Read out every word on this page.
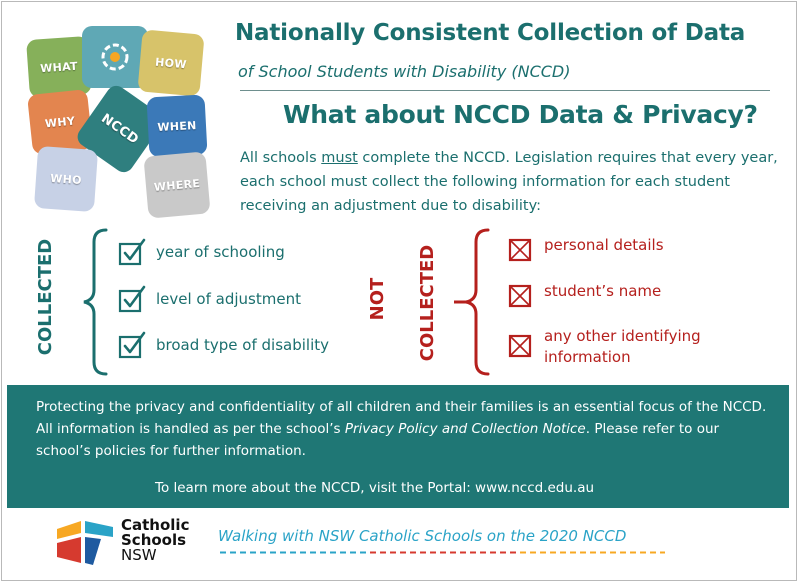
WHAT	HOW
WHY NCCD WHEN
WHO	WHERE
Nationally Consistent Collection of Data
of School Students with Disability (NCCD)
What about NCCD Data & Privacy?
All schools must complete the NCCD. Legislation requires that every year, each school must collect the following information for each student receiving an adjustment due to disability:
COLLECTED	year of schooling
level of adjustment
broad type of disability
NOT COLLECTED	personal details
student’s name
any other identifying information
Protecting the privacy and confidentiality of all children and their families is an essential focus of the NCCD. All information is handled as per the school’s Privacy Policy and Collection Notice. Please refer to our school’s policies for further information.
To learn more about the NCCD, visit the Portal: www.nccd.edu.au
Catholic
Schools
NSW
Walking with NSW Catholic Schools on the 2020 NCCD
